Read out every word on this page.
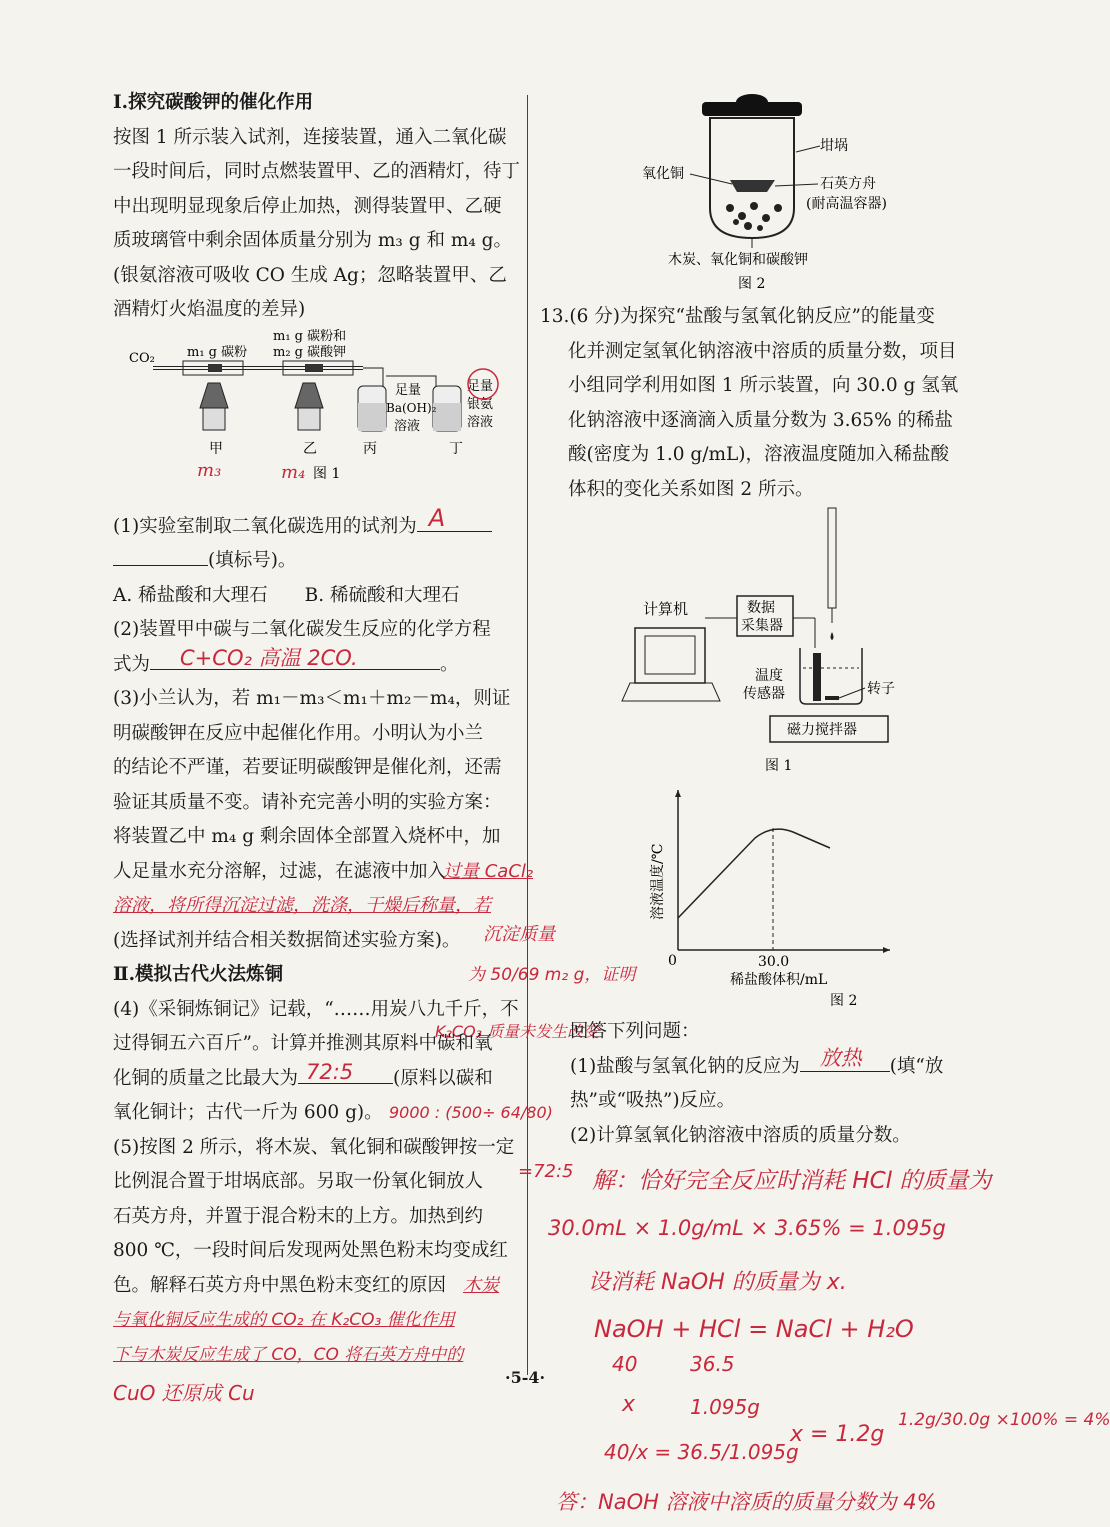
Ⅰ.探究碳酸钾的催化作用
按图 1 所示装入试剂，连接装置，通入二氧化碳
一段时间后，同时点燃装置甲、乙的酒精灯，待丁
中出现明显现象后停止加热，测得装置甲、乙硬
质玻璃管中剩余固体质量分别为 m₃ g 和 m₄ g。
(银氨溶液可吸收 CO 生成 Ag；忽略装置甲、乙
酒精灯火焰温度的差异)
CO₂ m₁ g 碳粉
m₁ g 碳粉和
m₂ g 碳酸钾
足量
Ba(OH)₂
溶液
足量
银氨
溶液
甲	乙	丙	丁
图 1
m₃	m₄
(1)实验室制取二氧化碳选用的试剂为 A
(填标号)。
A. 稀盐酸和大理石　　B. 稀硫酸和大理石
(2)装置甲中碳与二氧化碳发生反应的化学方程
式为 C+CO₂ 高温 2CO.	。
(3)小兰认为，若 m₁－m₃＜m₁＋m₂－m₄，则证
明碳酸钾在反应中起催化作用。小明认为小兰
的结论不严谨，若要证明碳酸钾是催化剂，还需
验证其质量不变。请补充完善小明的实验方案：
将装置乙中 m₄ g 剩余固体全部置入烧杯中，加
人足量水充分溶解，过滤，在滤液中加入
过量 CaCl₂
溶液，将所得沉淀过滤，洗涤，干燥后称量，若

(选择试剂并结合相关数据简述实验方案)。 沉淀质量
Ⅱ.模拟古代火法炼铜	为 50/69 m₂ g，证明
(4)《采铜炼铜记》记载，“……用炭八九千斤，不
K₂CO₃ 质量未发生改变
过得铜五六百斤”。计算并推测其原料中碳和氧
化铜的质量之比最大为 72:5 (原料以碳和
氧化铜计；古代一斤为 600 g)。 9000 : (500÷ 64/80)
(5)按图 2 所示，将木炭、氧化铜和碳酸钾按一定
比例混合置于坩埚底部。另取一份氧化铜放人 =72:5
石英方舟，并置于混合粉末的上方。加热到约
800 ℃，一段时间后发现两处黑色粉末均变成红
色。解释石英方舟中黑色粉末变红的原因 木炭
与氧化铜反应生成的 CO₂ 在 K₂CO₃ 催化作用

下与木炭反应生成了 CO，CO 将石英方舟中的

CuO 还原成 Cu

坩埚
氧化铜
石英方舟
(耐高温容器)
木炭、氧化铜和碳酸钾
图 2
13.(6 分)为探究“盐酸与氢氧化钠反应”的能量变
化并测定氢氧化钠溶液中溶质的质量分数，项目
小组同学利用如图 1 所示装置，向 30.0 g 氢氧
化钠溶液中逐滴滴入质量分数为 3.65% 的稀盐
酸(密度为 1.0 g/mL)，溶液温度随加入稀盐酸
体积的变化关系如图 2 所示。
计算机	数据
采集器
温度
传感器	转子
磁力搅拌器
图 1
0	30.0
稀盐酸体积/mL
图 2
溶液温度/℃
回答下列问题：
(1)盐酸与氢氧化钠的反应为 放热 (填“放
热”或“吸热”)反应。
(2)计算氢氧化钠溶液中溶质的质量分数。
解：恰好完全反应时消耗 HCl 的质量为
30.0mL × 1.0g/mL × 3.65% = 1.095g
设消耗 NaOH 的质量为 x.
NaOH + HCl = NaCl + H₂O
40	36.5
x	1.095g
40/x = 36.5/1.095g
x = 1.2g
1.2g/30.0g ×100% = 4%
答：NaOH 溶液中溶质的质量分数为 4%
·5-4·
